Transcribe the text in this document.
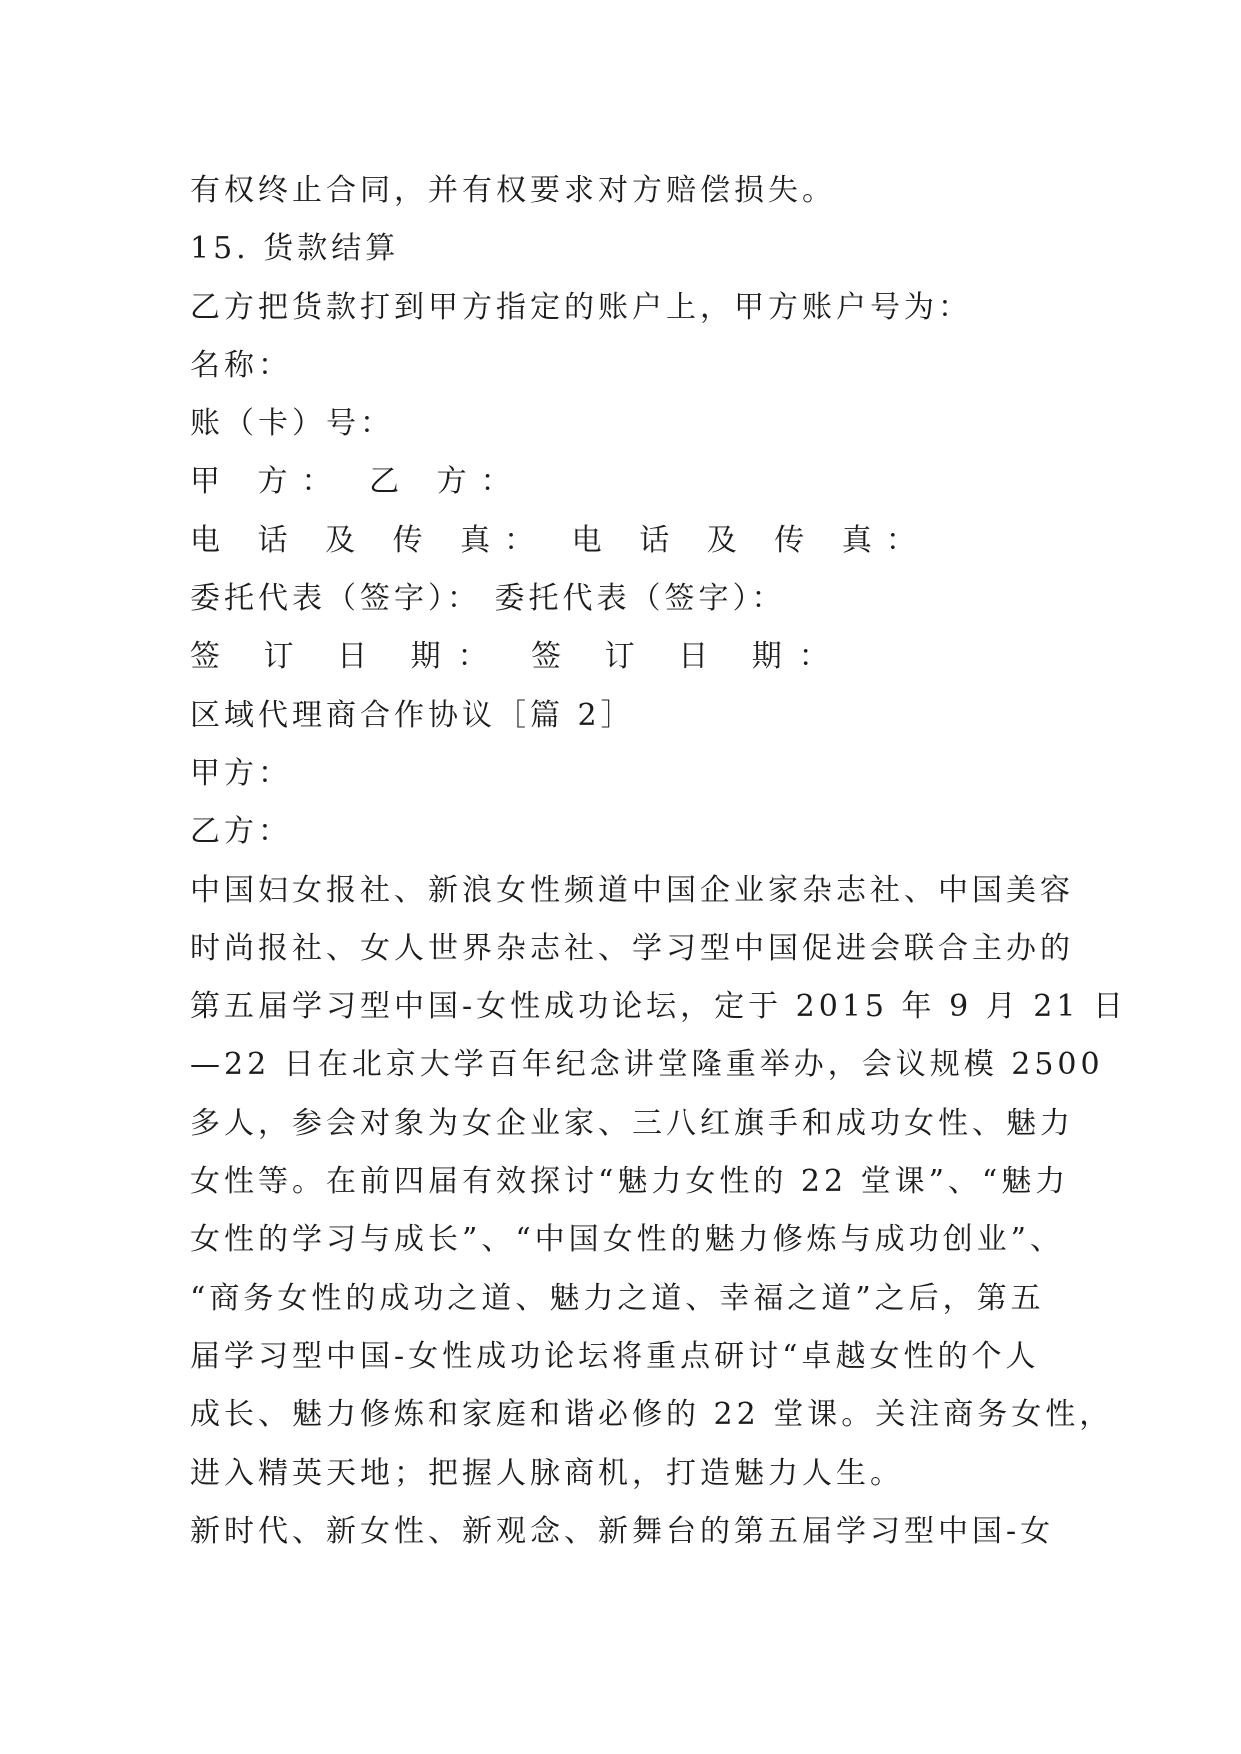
有权终止合同，并有权要求对方赔偿损失。
15. 货款结算
乙方把货款打到甲方指定的账户上，甲方账户号为：
名称：
账（卡）号：
甲 方： 乙 方：
电 话 及 传 真： 电 话 及 传 真：
委托代表（签字）： 委托代表（签字）：
签 订 日 期： 签 订 日 期：
区域代理商合作协议［篇 2］
甲方：
乙方：
中国妇女报社、新浪女性频道中国企业家杂志社、中国美容
时尚报社、女人世界杂志社、学习型中国促进会联合主办的
第五届学习型中国-女性成功论坛，定于 2015 年 9 月 21 日
—22 日在北京大学百年纪念讲堂隆重举办，会议规模 2500
多人，参会对象为女企业家、三八红旗手和成功女性、魅力
女性等。在前四届有效探讨“魅力女性的 22 堂课”、“魅力
女性的学习与成长”、“中国女性的魅力修炼与成功创业”、
“商务女性的成功之道、魅力之道、幸福之道”之后，第五
届学习型中国-女性成功论坛将重点研讨“卓越女性的个人
成长、魅力修炼和家庭和谐必修的 22 堂课。关注商务女性，
进入精英天地；把握人脉商机，打造魅力人生。
新时代、新女性、新观念、新舞台的第五届学习型中国-女
